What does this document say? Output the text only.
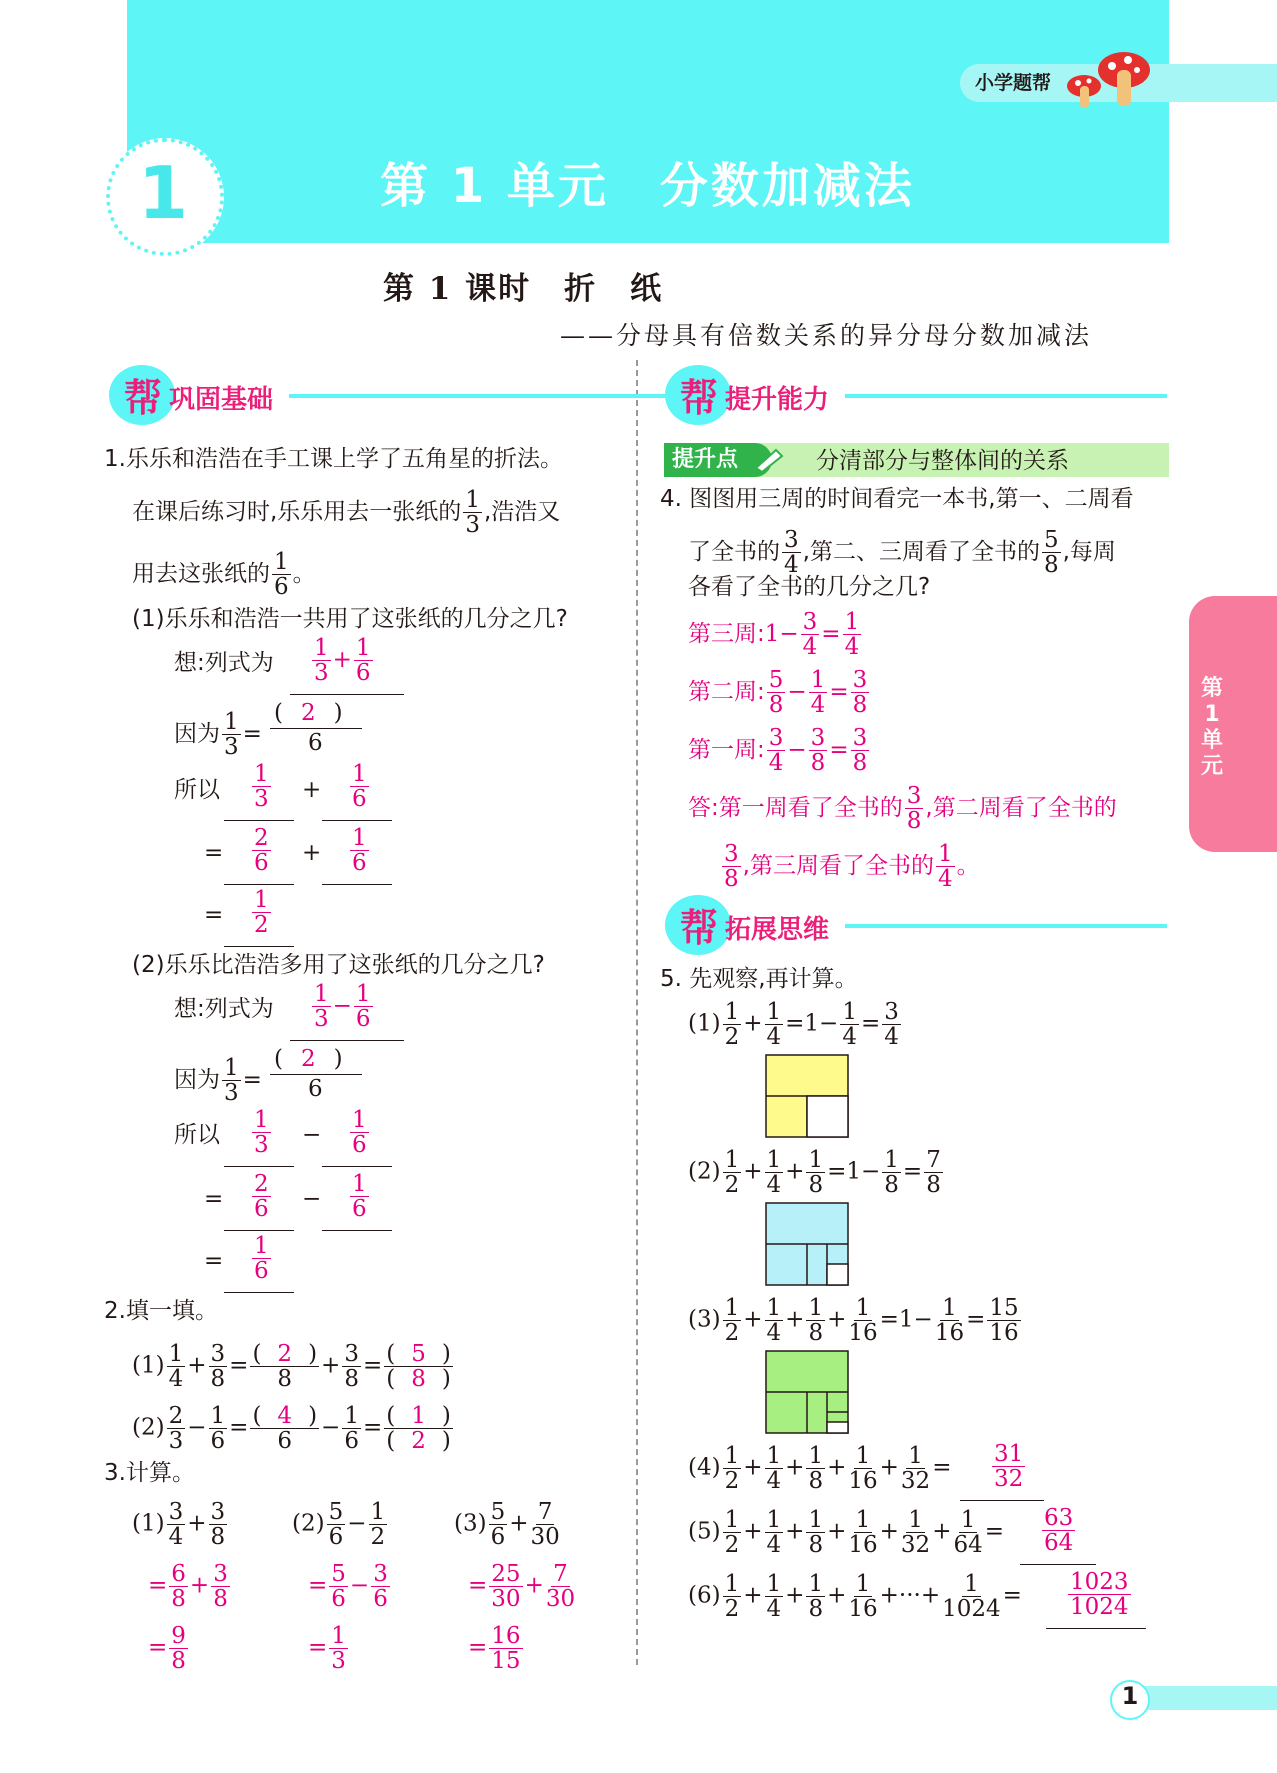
小学题帮
1	第 1 单元　分数加减法
第 1 课时　折　纸
——分母具有倍数关系的异分母分数加减法
帮 巩固基础
1.乐乐和浩浩在手工课上学了五角星的折法。
在课后练习时,乐乐用去一张纸的 $\frac{1}{3}$ ,浩浩又
用去这张纸的 $\frac{1}{6}$ 。
(1)乐乐和浩浩一共用了这张纸的几分之几?
想:列式为 $\frac{1}{3} + \frac{1}{6}$
因为 $\frac{1}{3}$ =
( 2 )
6
所以 $\frac{1}{3} + \frac{1}{6}$
= $\frac{2}{6} + \frac{1}{6}$
= $\frac{1}{2}$
(2)乐乐比浩浩多用了这张纸的几分之几?
想:列式为 $\frac{1}{3} - \frac{1}{6}$
因为 $\frac{1}{3}$ =
( 2 )
6
所以 $\frac{1}{3} - \frac{1}{6}$
= $\frac{2}{6} - \frac{1}{6}$
= $\frac{1}{6}$
2.填一填。
$(1) \frac{1}{4} + \frac{3}{8} = \frac{( 2 )}{8} + \frac{3}{8} = \frac{( 5 )}{( 8 )}$
$(2) \frac{2}{3} - \frac{1}{6} = \frac{( 4 )}{6} - \frac{1}{6} = \frac{( 1 )}{( 2 )}$
3.计算。
$(1) \frac{3}{4} + \frac{3}{8}$
= $\frac{6}{8} + \frac{3}{8}$
= $\frac{9}{8}$
$(2) \frac{5}{6} - \frac{1}{2}$
= $\frac{5}{6} - \frac{3}{6}$
= $\frac{1}{3}$
$(3) \frac{5}{6} + \frac{7}{30}$
= $\frac{25}{30} + \frac{7}{30}$
= $\frac{16}{15}$
帮 提升能力
提升点	分清部分与整体间的关系
4. 图图用三周的时间看完一本书,第一、二周看
了全书的 $\frac{3}{4}$ ,第二、三周看了全书的 $\frac{5}{8}$ ,每周
各看了全书的几分之几?
第三周:1− $\frac{3}{4} = \frac{1}{4}$
第二周: $\frac{5}{8} - \frac{1}{4} = \frac{3}{8}$
第一周: $\frac{3}{4} - \frac{3}{8} = \frac{3}{8}$
答:第一周看了全书的 $\frac{3}{8}$ ,第二周看了全书的
$\frac{3}{8}$ ,第三周看了全书的 $\frac{1}{4}$ 。
帮 拓展思维
5. 先观察,再计算。
$(1) \frac{1}{2} + \frac{1}{4} =1- \frac{1}{4} = \frac{3}{4}$
$(2) \frac{1}{2} + \frac{1}{4} + \frac{1}{8} =1- \frac{1}{8} = \frac{7}{8}$
$(3) \frac{1}{2} + \frac{1}{4} + \frac{1}{8} + \frac{1}{16} =1- \frac{1}{16} = \frac{15}{16}$
$(4) \frac{1}{2} + \frac{1}{4} + \frac{1}{8} + \frac{1}{16} + \frac{1}{32} = \frac{31}{32}$
$(5) \frac{1}{2} + \frac{1}{4} + \frac{1}{8} + \frac{1}{16} + \frac{1}{32} + \frac{1}{64} = \frac{63}{64}$
$(6) \frac{1}{2} + \frac{1}{4} + \frac{1}{8} + \frac{1}{16}$ +···+ $\frac{1}{1024} = \frac{1023}{1024}$
第1单元
1
